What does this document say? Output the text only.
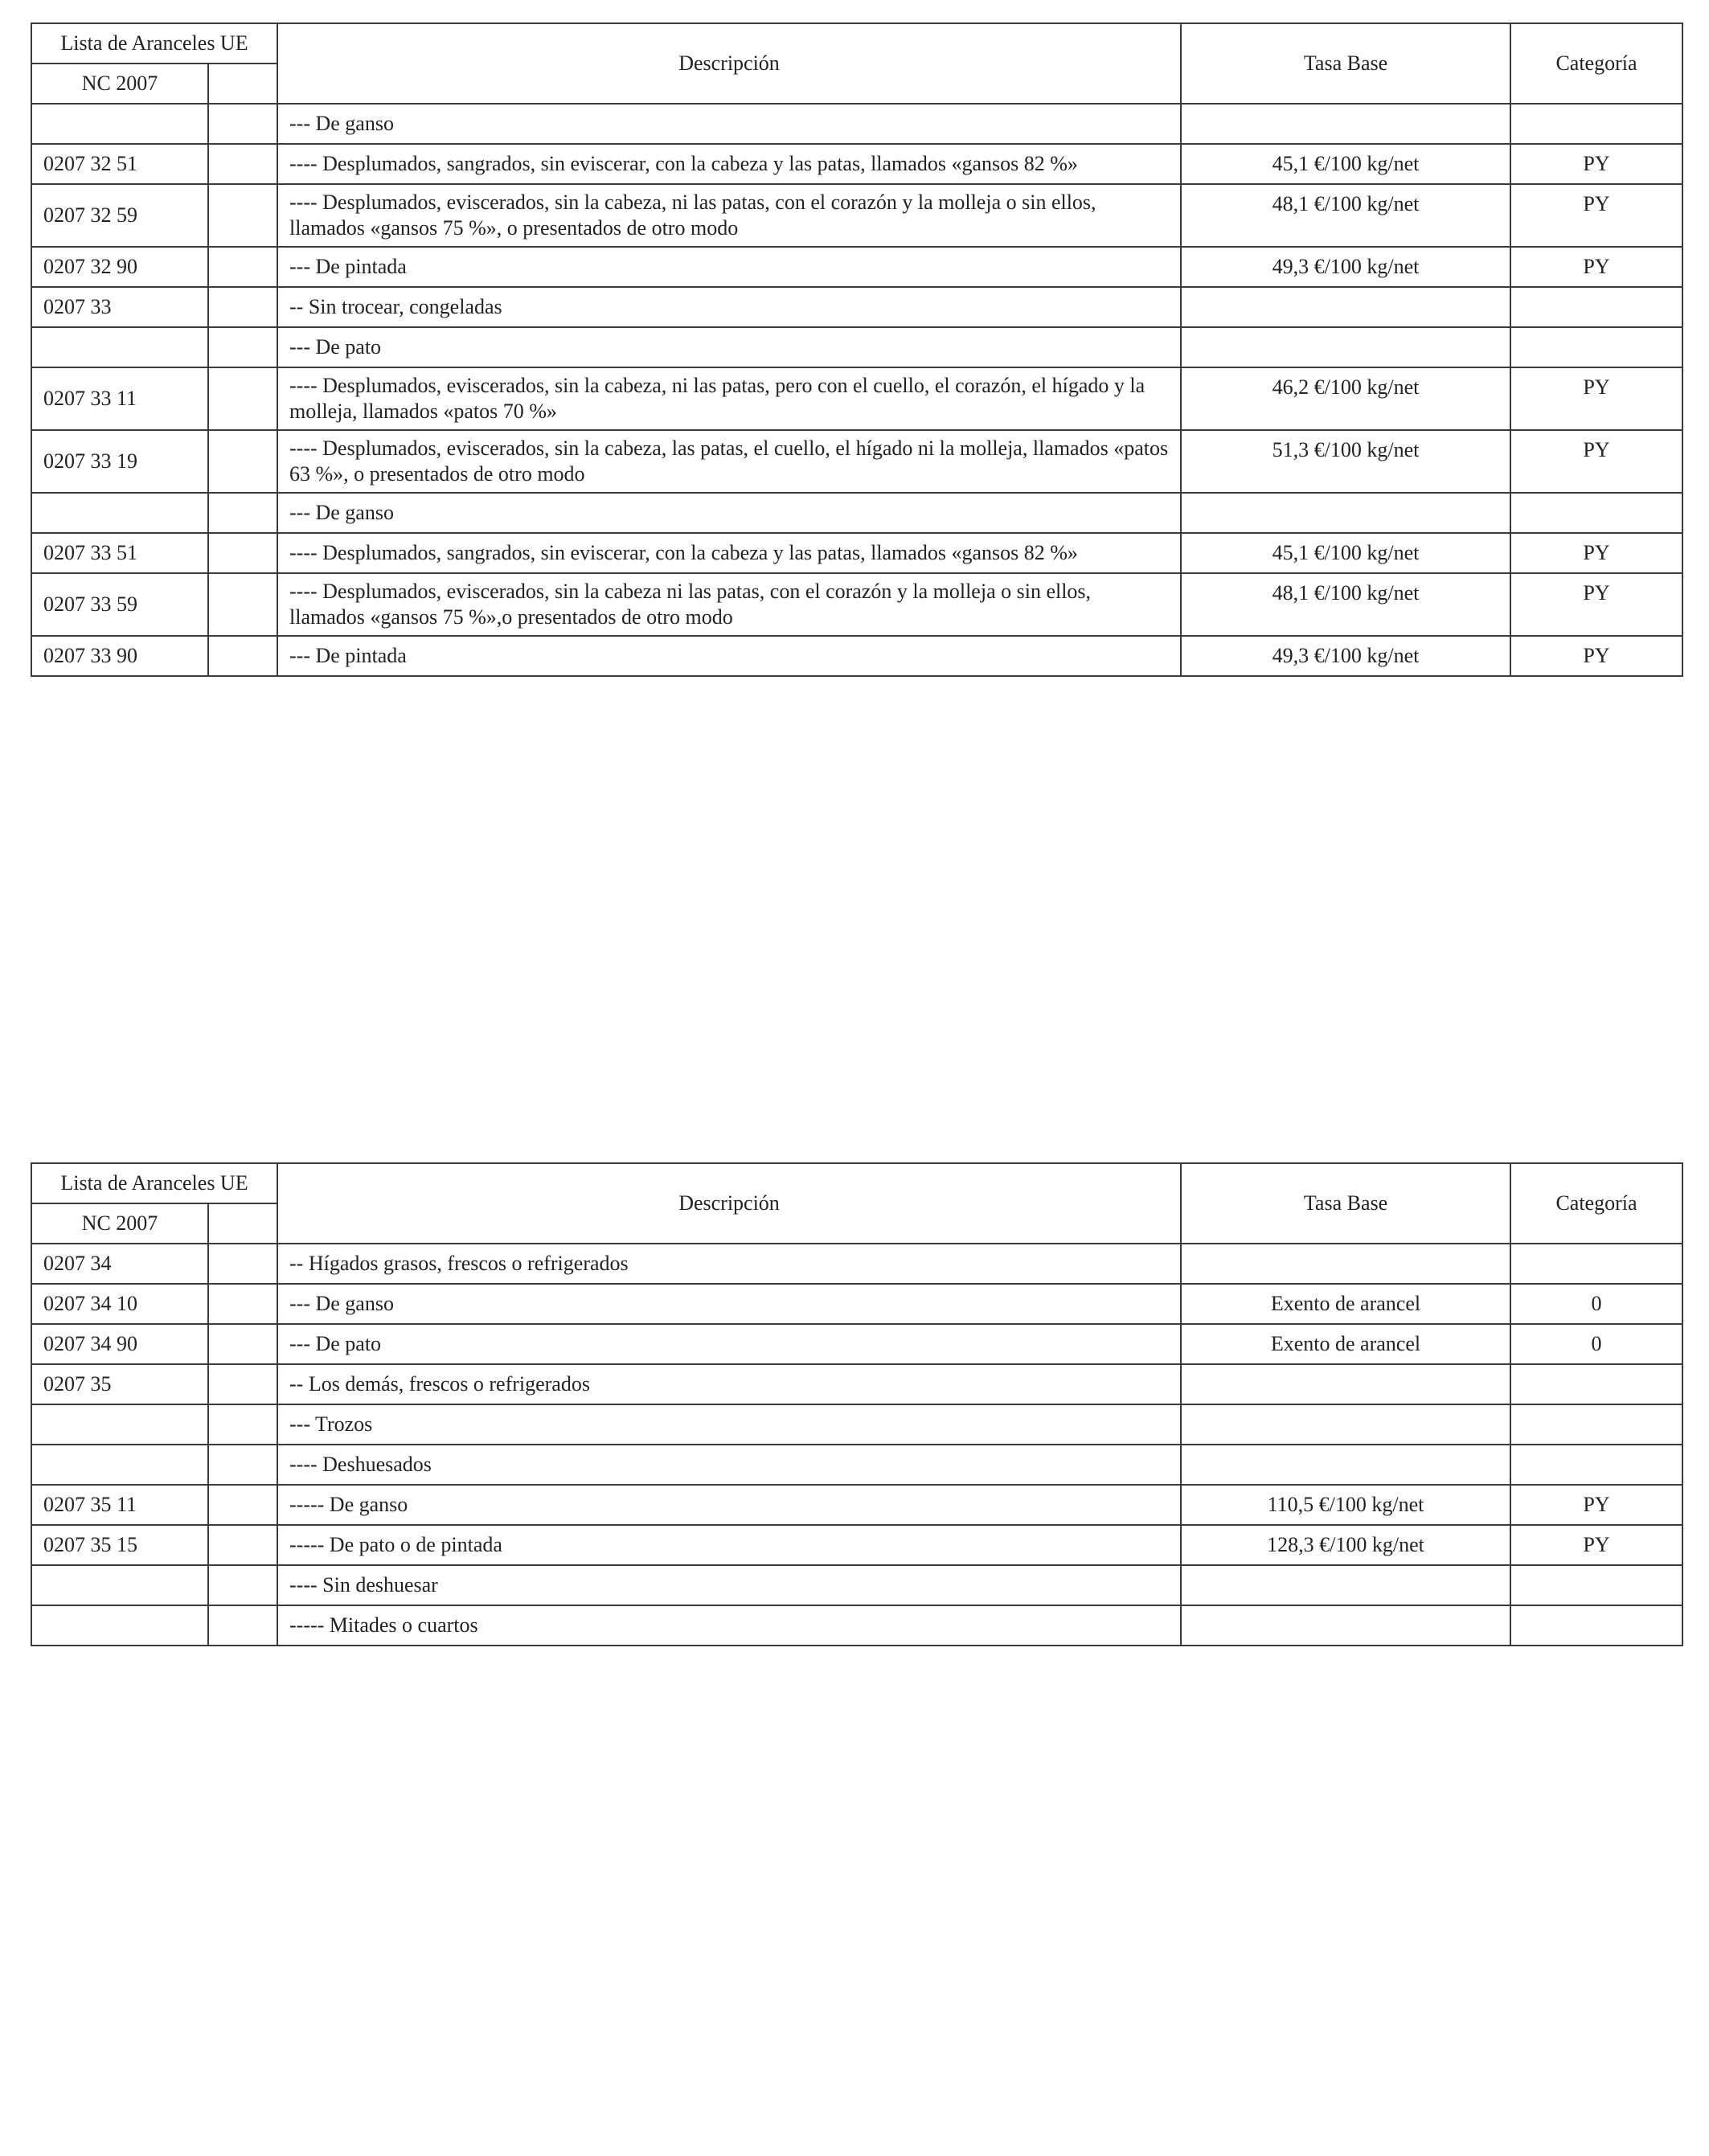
Lista de Aranceles UE		Descripción	Tasa Base	Categoría
NC 2007				
		--- De ganso		
0207 32 51		---- Desplumados, sangrados, sin eviscerar, con la cabeza y las patas, llamados «gansos 82 %»	45,1 €/100 kg/net	PY
0207 32 59		---- Desplumados, eviscerados, sin la cabeza, ni las patas, con el corazón y la molleja o sin ellos, llamados «gansos 75 %», o presentados de otro modo	48,1 €/100 kg/net	PY
0207 32 90		--- De pintada	49,3 €/100 kg/net	PY
0207 33		-- Sin trocear, congeladas		
		--- De pato		
0207 33 11		---- Desplumados, eviscerados, sin la cabeza, ni las patas, pero con el cuello, el corazón, el hígado y la molleja, llamados «patos 70 %»	46,2 €/100 kg/net	PY
0207 33 19		---- Desplumados, eviscerados, sin la cabeza, las patas, el cuello, el hígado ni la molleja, llamados «patos 63 %», o presentados de otro modo	51,3 €/100 kg/net	PY
		--- De ganso		
0207 33 51		---- Desplumados, sangrados, sin eviscerar, con la cabeza y las patas, llamados «gansos 82 %»	45,1 €/100 kg/net	PY
0207 33 59		---- Desplumados, eviscerados, sin la cabeza ni las patas, con el corazón y la molleja o sin ellos, llamados «gansos 75 %»,o presentados de otro modo	48,1 €/100 kg/net	PY
0207 33 90		--- De pintada	49,3 €/100 kg/net	PY
Lista de Aranceles UE		Descripción	Tasa Base	Categoría
NC 2007				
0207 34		-- Hígados grasos, frescos o refrigerados		
0207 34 10		--- De ganso	Exento de arancel	0
0207 34 90		--- De pato	Exento de arancel	0
0207 35		-- Los demás, frescos o refrigerados		
		--- Trozos		
		---- Deshuesados		
0207 35 11		----- De ganso	110,5 €/100 kg/net	PY
0207 35 15		----- De pato o de pintada	128,3 €/100 kg/net	PY
		---- Sin deshuesar		
		----- Mitades o cuartos		
